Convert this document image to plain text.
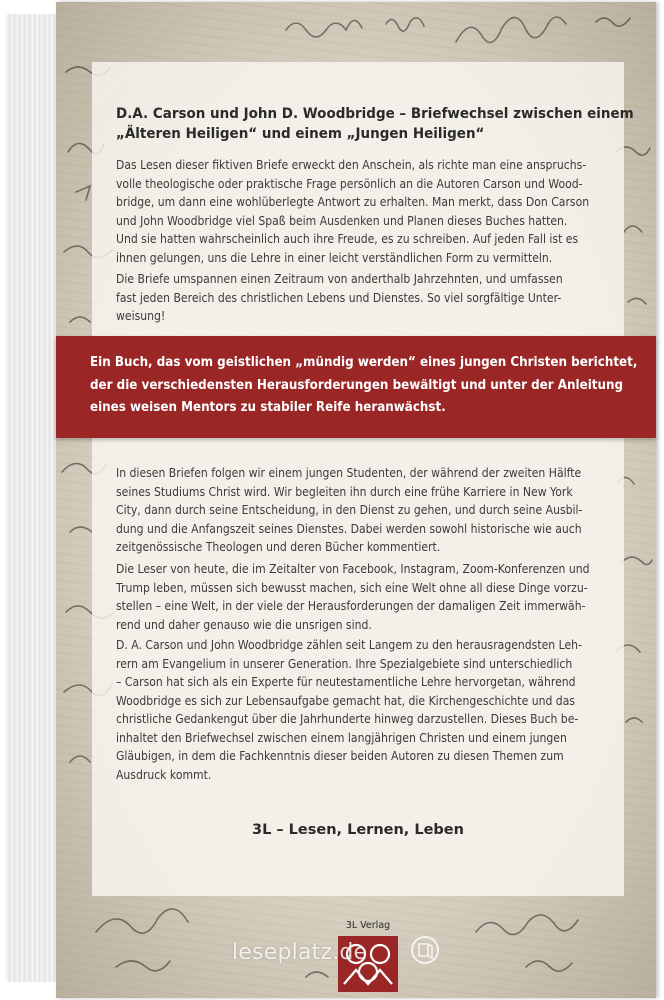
D.A. Carson und John D. Woodbridge – Briefwechsel zwischen einem
„Älteren Heiligen“ und einem „Jungen Heiligen“
Das Lesen dieser fiktiven Briefe erweckt den Anschein, als richte man eine anspruchs-
volle theologische oder praktische Frage persönlich an die Autoren Carson und Wood-
bridge, um dann eine wohlüberlegte Antwort zu erhalten. Man merkt, dass Don Carson
und John Woodbridge viel Spaß beim Ausdenken und Planen dieses Buches hatten.
Und sie hatten wahrscheinlich auch ihre Freude, es zu schreiben. Auf jeden Fall ist es
ihnen gelungen, uns die Lehre in einer leicht verständlichen Form zu vermitteln.
Die Briefe umspannen einen Zeitraum von anderthalb Jahrzehnten, und umfassen
fast jeden Bereich des christlichen Lebens und Dienstes. So viel sorgfältige Unter-
weisung!
Ein Buch, das vom geistlichen „mündig werden“ eines jungen Christen berichtet,
der die verschiedensten Herausforderungen bewältigt und unter der Anleitung
eines weisen Mentors zu stabiler Reife heranwächst.
In diesen Briefen folgen wir einem jungen Studenten, der während der zweiten Hälfte
seines Studiums Christ wird. Wir begleiten ihn durch eine frühe Karriere in New York
City, dann durch seine Entscheidung, in den Dienst zu gehen, und durch seine Ausbil-
dung und die Anfangszeit seines Dienstes. Dabei werden sowohl historische wie auch
zeitgenössische Theologen und deren Bücher kommentiert.
Die Leser von heute, die im Zeitalter von Facebook, Instagram, Zoom-Konferenzen und
Trump leben, müssen sich bewusst machen, sich eine Welt ohne all diese Dinge vorzu-
stellen – eine Welt, in der viele der Herausforderungen der damaligen Zeit immerwäh-
rend und daher genauso wie die unsrigen sind.
D. A. Carson und John Woodbridge zählen seit Langem zu den herausragendsten Leh-
rern am Evangelium in unserer Generation. Ihre Spezialgebiete sind unterschiedlich
– Carson hat sich als ein Experte für neutestamentliche Lehre hervorgetan, während
Woodbridge es sich zur Lebensaufgabe gemacht hat, die Kirchengeschichte und das
christliche Gedankengut über die Jahrhunderte hinweg darzustellen. Dieses Buch be-
inhaltet den Briefwechsel zwischen einem langjährigen Christen und einem jungen
Gläubigen, in dem die Fachkenntnis dieser beiden Autoren zu diesen Themen zum
Ausdruck kommt.
3L – Lesen, Lernen, Leben
3L Verlag
leseplatz.de
